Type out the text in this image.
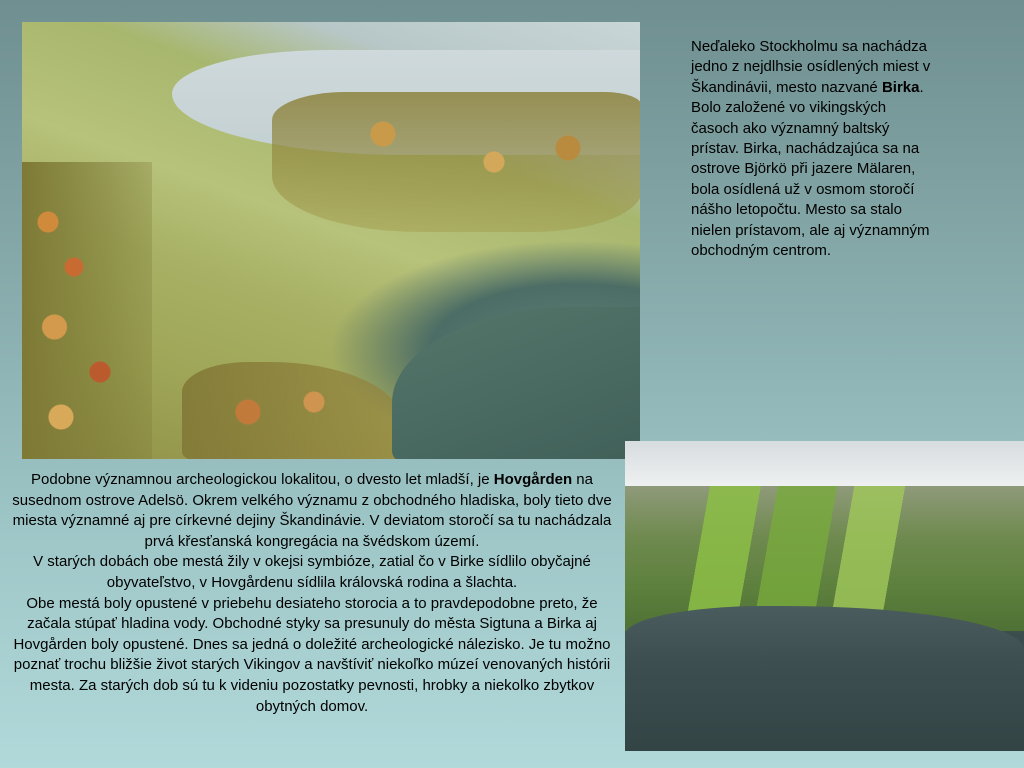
Neďaleko Stockholmu sa nachádza jedno z nejdlhsie osídlených miest v Škandinávii, mesto nazvané Birka.

Bolo založené vo vikingských časoch ako významný baltský prístav. Birka, nachádzajúca sa na ostrove Björkö při jazere Mälaren, bola osídlená už v osmom storočí nášho letopočtu. Mesto sa stalo nielen prístavom, ale aj významným obchodným centrom.

Podobne významnou archeologickou lokalitou, o dvesto let mladší, je Hovgården na susednom ostrove Adelsö. Okrem velkého významu z obchodného hladiska, boly tieto dve miesta významné aj pre církevné dejiny Škandinávie. V deviatom storočí sa tu nachádzala prvá křesťanská kongregácia na švédskom území.

V starých dobách obe mestá žily v okejsi symbióze, zatial čo v Birke sídlilo obyčajné obyvateľstvo, v Hovgårdenu sídlila královská rodina a šlachta.

Obe mestá boly opustené v priebehu desiateho storocia a to pravdepodobne preto, že začala stúpať hladina vody. Obchodné styky sa presunuly do města Sigtuna a Birka aj Hovgården boly opustené. Dnes sa jedná o doležité archeologické nálezisko. Je tu možno poznať trochu bližšie život starých Vikingov a navštíviť niekoľko múzeí venovaných histórii mesta. Za starých dob sú tu k videniu pozostatky pevnosti, hrobky a niekolko zbytkov obytných domov.
